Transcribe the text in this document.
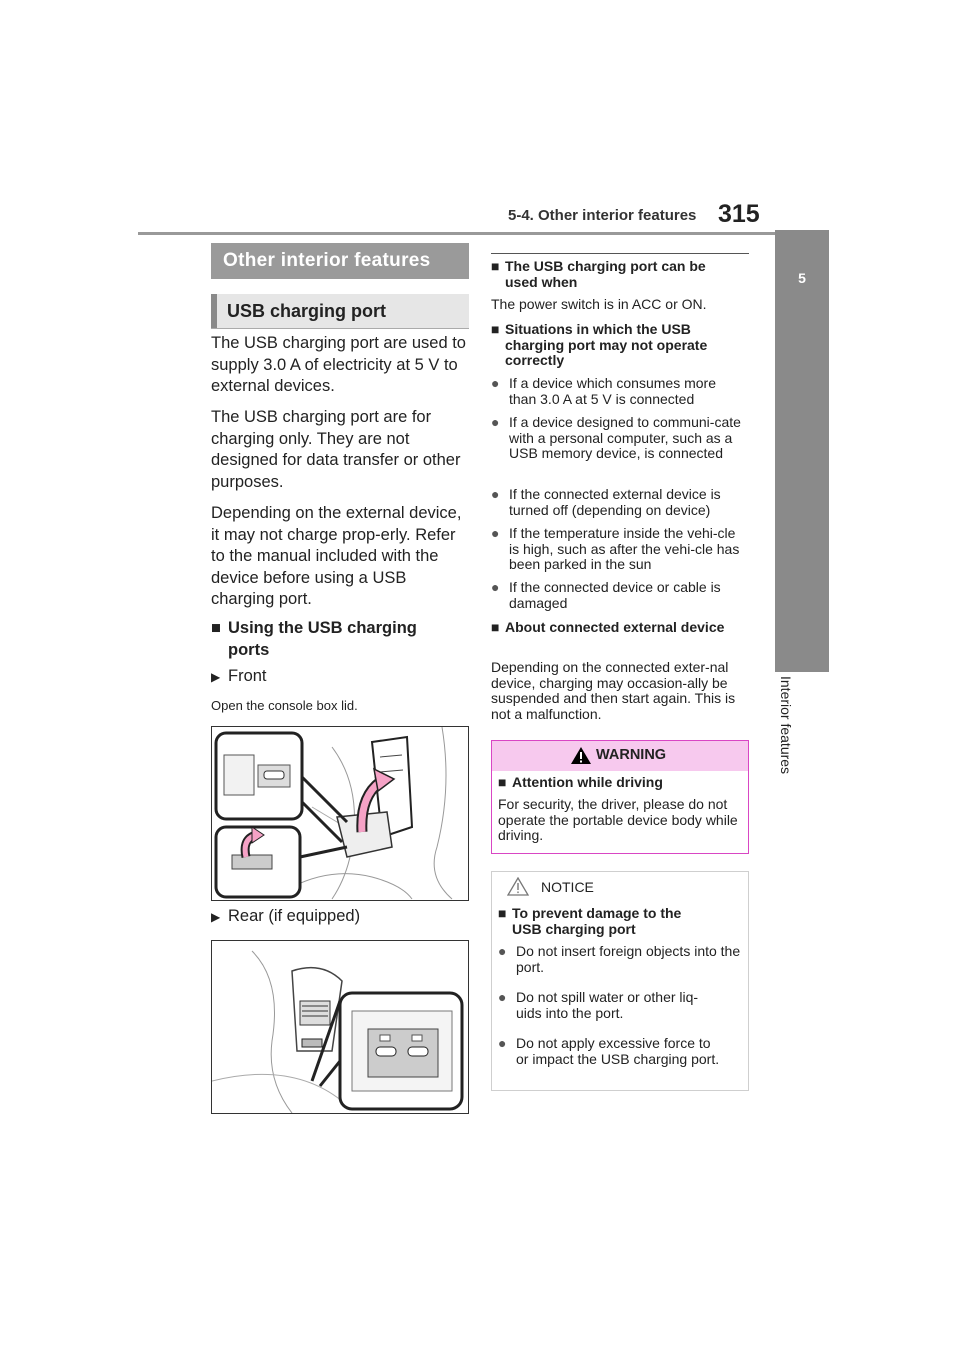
5-4. Other interior features 315
5
Interior features
Other interior features
USB charging port
The USB charging port are used to supply 3.0 A of electricity at 5 V to external devices.
The USB charging port are for charging only. They are not designed for data transfer or other purposes.
Depending on the external device, it may not charge prop-erly. Refer to the manual included with the device before using a USB charging port.
■ Using the USB charging ports
▶ Front
Open the console box lid.
▶ Rear (if equipped)
■ The USB charging port can be used when
The power switch is in ACC or ON.
■ Situations in which the USB charging port may not operate correctly
● If a device which consumes more than 3.0 A at 5 V is connected
● If a device designed to communi-cate with a personal computer, such as a USB memory device, is connected
● If the connected external device is turned off (depending on device)
● If the temperature inside the vehi-cle is high, such as after the vehi-cle has been parked in the sun
● If the connected device or cable is damaged
■ About connected external device
Depending on the connected exter-nal device, charging may occasion-ally be suspended and then start again. This is not a malfunction.
WARNING
■ Attention while driving
For security, the driver, please do not operate the portable device body while driving.
NOTICE
■ To prevent damage to the USB charging port
● Do not insert foreign objects into the port.
● Do not spill water or other liq-uids into the port.
● Do not apply excessive force to or impact the USB charging port.
